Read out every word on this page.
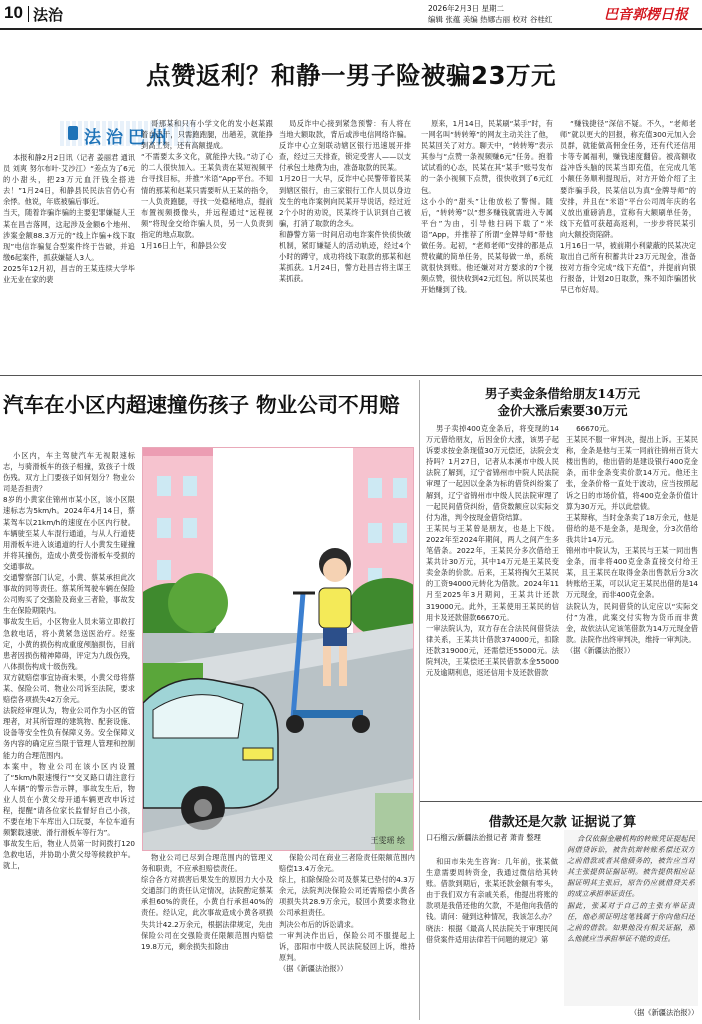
10 法治	2026年2月3日 星期二
编辑 张蕴 美编 热娜古丽 校对 谷桂红	巴音郭楞日报
点赞返利？和静一男子险被骗23万元
法治巴州

本报和静2月2日讯（记者 姜丽君 通讯员 刘爽 努尔布叶·艾沙江）“差点为了6元的小甜头，把23万元血汗钱全搭进去！”1月24日，和静县民民法官仍心有余悸。他说，年底被骗后事近。
当天，随着诈骗诈骗的主要犯罪嫌疑人王某在昌吉落网，这起涉及金额6个地州、涉案金额88.3万元的“线上诈骗+线下取现”电信诈骗复合型案件终于告破，并追缴6起案件，抓获嫌疑人3人。
2025年12月初，昌吉的王某连续大学毕业无业在家的裴

哥那某和只有小学文化的发小赵某跟着自己干，只需跑跑腿，出趟差，就能挣到高工资，还有高额提成。
“不需要太多文化，就能挣大钱。”动了心的二人很快加入。王某负责在某短视频平台寻找目标，并推“米语”App平台。不知情的那某和赵某只需要听从王某的指令，一人负责跑腿，寻找一处稳秘地点，提前布置视频摄像头，并远程通过“远程视频”将现金交给诈骗人员，另一人负责到指定的地点取款。
1月16日上午，和静县公安

局反诈中心接到紧急预警：有人将在当地大额取款，背后或涉电信网络诈骗。反诈中心立刻联动辖区银行迅速展开排查，经过三天排查，锁定受害人——以支付承包土地费为由，准备取款的民某。
1月20日一大早，反诈中心民警带着民某到辖区银行，由三家银行工作人员以身边发生的电诈案例向民某开导说话，经过近2个小时的劝说，民某终于认识到自己被骗，打消了取款的念头。
和静警方第一时间启动电诈案件快侦快破机制，紧盯嫌疑人的活动轨迹，经过4个小时的蹲守，成功将线下取款的那某和赵某抓获。1月24日，警方赴昌吉将主谋王某抓获。

原来，1月14日，民某刷“某手”时，有一网名叫“转转筹”的网友主动关注了他，民某回关了对方。聊天中，“转转筹”表示其参与“点赞一条视频赚6元”任务。抱着试试看的心态，民某在其“某手”账号发布的一条小视频下点赞，很快收到了6元红包。
这小小的“甜头”让他放松了警惕。随后，“转转筹”以“想多赚钱就需进入专属平台”为由，引导他扫码下载了“米语”App，并推荐了所谓“金牌导师”带他做任务。起初，“老师老师”安排的都是点赞收藏的简单任务，民某每做一单，系统就很快到账。他还嫌对对方要求的7个视频点赞，很快收到42元红包。所以民某也开始赚到了钱。

“赚钱捷径”深信不疑。不久，“老师老师”就以更大的回报，称充值300元加入会员群，就能做高佣金任务，还有代还信用卡等专属福利，赚钱速度翻倍。被高额收益冲昏头脑的民某当即充值，在完成几笔小额任务顺利提现后，对方开始介绍了主要诈骗手段，民某信以为真“金牌导师”的安排，并且在“米语”平台公司周年庆的名义放出重磅消息，宣称有大额刷单任务，线下充值可获超高返利，一步步将民某引向大额投资陷阱。
1月16日一早，被前期小利蒙蔽的民某决定取出自己所有积蓄共计23万元现金，准备按对方指令完成“线下充值”，并提前向银行报备，计划20日取款，殊不知诈骗团伙早已布好局。

汽车在小区内超速撞伤孩子 物业公司不用赔

小区内，车主驾驶汽车无视限速标志，与骑滑板车的孩子相撞，致孩子十级伤残。双方上门要孩子如何划分？物业公司是否担责？
8岁的小黄家住锦州市某小区，该小区限速标志为5km/h。2024年4月14日，蔡某驾车以21km/h的速度在小区内行驶。车辆驶至某人车混行通道，与从人行道使用滑板车进入该通道的行人小黄发生碰撞并将其撞伤，造成小黄受伤滑板车受损的交通事故。
交通警察部门认定，小黄、蔡某承担此次事故的同等责任。蔡某所驾驶车辆在保险公司购买了交强险及商业三者险，事故发生在保险期限内。
事故发生后，小区物业人员未第立即救打急救电话，将小黄紧急送医治疗。经鉴定，小黄的损伤构成重度颅脑损伤，目前患者因损伤精神障碍，评定为九级伤残，八体损伤构成十级伤残。
双方就赔偿事宜协商未果，小黄父母将蔡某、保险公司、物业公司诉至法院，要求赔偿各项损失42万余元。
法院经审理认为，物业公司作为小区的管理者，对其所管理的建筑物、配套设施、设备等安全性负有保障义务。安全保障义务内容的确定应当限于管理人管理和控制能力的合理范围内。
本案中，物业公司在该小区内设置了“5km/h限速慢行”“交叉路口请注意行人车辆”的警示告示牌，事故发生后，物业人员在小黄父母开通车辆更改申诉过程，提醒“请各位家长监督好自己小孩，不要在地下车库出入口玩耍，车位车道有频繁载速驶、滑行滑板车等行为”。
事故发生后，物业人员第一时间拨打120急救电话，并协助小黄父母等候救护车。就上，

王雯瑶 绘

物业公司已尽到合理范围内的管理义务和职责，不应承担赔偿责任。
综合各方对损害后果发生的原因力大小及交通部门的责任认定情况，法院酌定蔡某承担60%的责任，小黄自行承担40%的责任。经认定，此次事故造成小黄各项损失共计42.2万余元，根据法律规定，先由保险公司在交强险责任限额范围内赔偿19.8万元，剩余损失扣除由

保险公司在商业三者险责任限额范围内赔偿13.4万余元。
综上，扣除保险公司及蔡某已垫付的4.3万余元，法院判决保险公司还需赔偿小黄各项损失共28.9万余元，驳回小黄要求物业公司承担责任。
判决公布后的诉讼请求。
一审判决作出后，保险公司不服提起上诉，邵阳市中级人民法院驳回上诉，维持原判。
（据《新疆法治报》）

男子卖金条借给朋友14万元
金价大涨后索要30万元

男子卖掉400克金条后，将变现的14万元借给朋友，后因金价大涨，该男子起诉要求按金条现值30万元偿还，法院会支持吗？1月27日，记者从本溪市中级人民法院了解到，辽宁省锦州市中院人民法院审理了一起因以金条为标的借贷纠纷案了解到，辽宁省锦州市中级人民法院审理了一起民间借贷纠纷，借贷数额应以实际交付为准，判令按现金借贷结算。
王某民与王某曾是朋友，也是上下级。2022年至2024年期间，两人之间产生多笔借条。2022年，王某民分多次借给王某共计30万元，其中14万元是王某民变卖金条的价款。后来，王某将掏欠王某民的工资94000元转化为借款。2024年11月至2025年3月期间，王某共计还款319000元。此外，王某使用王某民的信用卡及还款借款66670元。
一审法院认为，双方存在合法民间借贷法律关系，王某共计借款374000元，扣除还款319000元，还需偿还55000元。法院判决，王某偿还王某民借款本金55000元及逾期利息，返还信用卡及还款借款

66670元。
王某民不服一审判决，提出上诉。王某民称，金条是他与王某一同前往锦州百货大楼出售的，他出借的是建设银行400克金条，而非金条变卖价款14万元。他还主张，金条价格一直处于波动，应当按照起诉之日的市场价值，将400克金条价值计算为30万元，并以此偿债。
王某辩称，当时金条卖了18万余元，他是借给的是不是金条，是现金，分3次借给我共计14万元。
锦州市中院认为，王某民与王某一同出售金条，而非将400克金条直接交付给王某，且王某民在取得金条出售款后分3次转账给王某，可以认定王某民出借的是14万元现金，而非400克金条。
法院认为，民间借贷的认定应以“实际交付”为准，此案交付实物为货币而非黄金，故依法认定该笔借款为14万元现金借款。法院作出终审判决，维持一审判决。
（据《新疆法治报》）

借款还是欠款 证据说了算
口石榴云/新疆法治报记者 萧青 整理

和田市朱先生咨询：几年前，张某做生意需要周转资金，我通过微信给其转账。借款到期后，张某还款金额有零头，由于我们双方有亲戚关系，他提出将账的款项是我借还他的欠款，不是他向我借的钱。请问：碰到这种情况，我该怎么办？
晓法：根据《最高人民法院关于审理民间借贷案件适用法律若干问题的规定》第

合仅依据金融机构的转账凭证提起民间借贷诉讼，被告抗辩转账系偿还双方之前借款或者其他债务的，被告应当对其主张提供证据证明。被告提供相应证据证明其主张后，原告仍应就借贷关系的成立承担举证责任。
据此，张某对于自己的主张有举证责任，他必须证明这笔钱属于你向他归还之前的借款。如果他没有相关证据，那么他就应当承担举证不能的责任。

（据《新疆法治报》）
